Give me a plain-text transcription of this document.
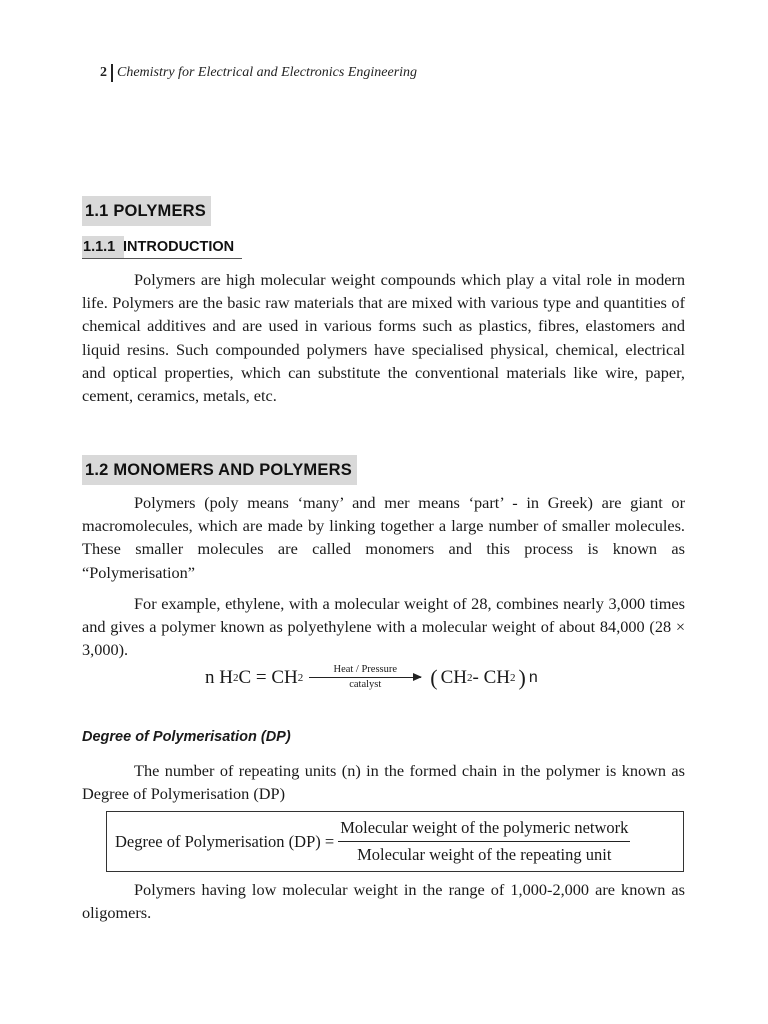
2 Chemistry for Electrical and Electronics Engineering
1.1 POLYMERS
1.1.1 INTRODUCTION

Polymers are high molecular weight compounds which play a vital role in modern life. Polymers are the basic raw materials that are mixed with various type and quantities of chemical additives and are used in various forms such as plastics, fibres, elastomers and liquid resins. Such compounded polymers have specialised physical, chemical, electrical and optical properties, which can substitute the conventional materials like wire, paper, cement, ceramics, metals, etc.

1.2 MONOMERS AND POLYMERS

Polymers (poly means ‘many’ and mer means ‘part’ - in Greek) are giant or macromolecules, which are made by linking together a large number of smaller molecules. These smaller molecules are called monomers and this process is known as “Polymerisation”

For example, ethylene, with a molecular weight of 28, combines nearly 3,000 times and gives a polymer known as polyethylene with a molecular weight of about 84,000 (28 × 3,000).

n
H 2 C = CH 2
Heat / Pressure
catalyst ( CH 2 - CH 2 ) n
Degree of Polymerisation (DP)

The number of repeating units (n) in the formed chain in the polymer is known as Degree of Polymerisation (DP)

Degree of Polymerisation $(DP) = \frac{\text{Molecular weight of the polymeric network}}{\text{Molecular weight of the repeating unit}}$

Polymers having low molecular weight in the range of 1,000-2,000 are known as oligomers.
